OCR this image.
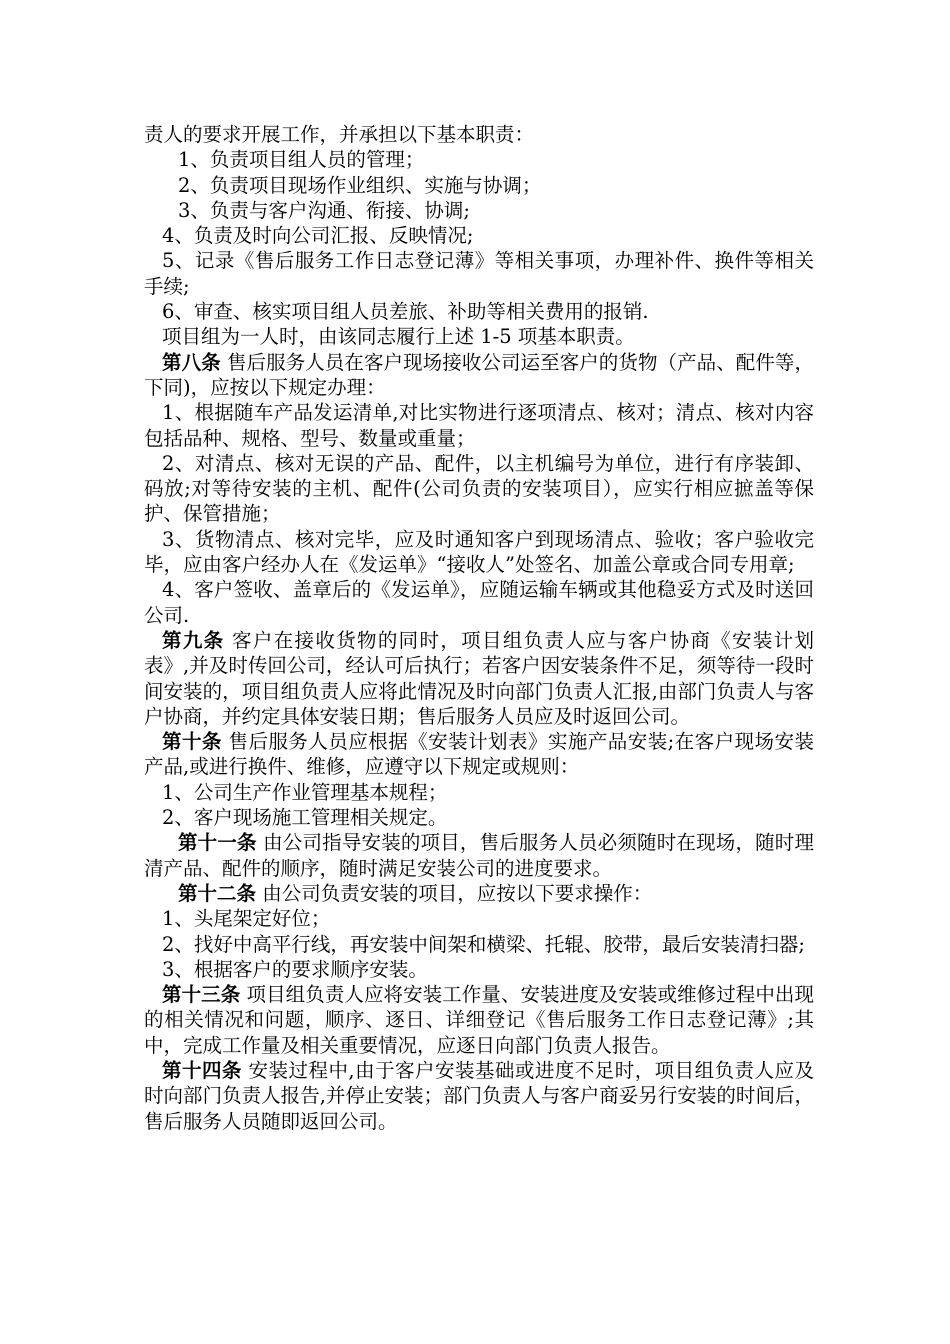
责人的要求开展工作，并承担以下基本职责：

1、负责项目组人员的管理；

2、负责项目现场作业组织、实施与协调；

3、负责与客户沟通、衔接、协调;

4、负责及时向公司汇报、反映情况;

5、记录《售后服务工作日志登记薄》等相关事项，办理补件、换件等相关手续;

6、审查、核实项目组人员差旅、补助等相关费用的报销.

项目组为一人时，由该同志履行上述 1-5 项基本职责。

第八条 售后服务人员在客户现场接收公司运至客户的货物（产品、配件等，下同)，应按以下规定办理：

1、根据随车产品发运清单,对比实物进行逐项清点、核对；清点、核对内容包括品种、规格、型号、数量或重量；

2、对清点、核对无误的产品、配件，以主机编号为单位，进行有序装卸、码放;对等待安装的主机、配件(公司负责的安装项目），应实行相应摭盖等保护、保管措施；

3、货物清点、核对完毕，应及时通知客户到现场清点、验收；客户验收完毕，应由客户经办人在《发运单》“接收人”处签名、加盖公章或合同专用章;

4、客户签收、盖章后的《发运单》，应随运输车辆或其他稳妥方式及时送回公司.

第九条 客户在接收货物的同时，项目组负责人应与客户协商《安装计划表》,并及时传回公司，经认可后执行；若客户因安装条件不足，须等待一段时间安装的，项目组负责人应将此情况及时向部门负责人汇报,由部门负责人与客户协商，并约定具体安装日期；售后服务人员应及时返回公司。

第十条 售后服务人员应根据《安装计划表》实施产品安装;在客户现场安装产品,或进行换件、维修，应遵守以下规定或规则：

1、公司生产作业管理基本规程；

2、客户现场施工管理相关规定。

第十一条 由公司指导安装的项目，售后服务人员必须随时在现场，随时理清产品、配件的顺序，随时满足安装公司的进度要求。

第十二条 由公司负责安装的项目，应按以下要求操作：

1、头尾架定好位；

2、找好中高平行线，再安装中间架和横梁、托辊、胶带，最后安装清扫器;

3、根据客户的要求顺序安装。

第十三条 项目组负责人应将安装工作量、安装进度及安装或维修过程中出现的相关情况和问题，顺序、逐日、详细登记《售后服务工作日志登记薄》;其中，完成工作量及相关重要情况，应逐日向部门负责人报告。

第十四条 安装过程中,由于客户安装基础或进度不足时，项目组负责人应及时向部门负责人报告,并停止安装；部门负责人与客户商妥另行安装的时间后，售后服务人员随即返回公司。
